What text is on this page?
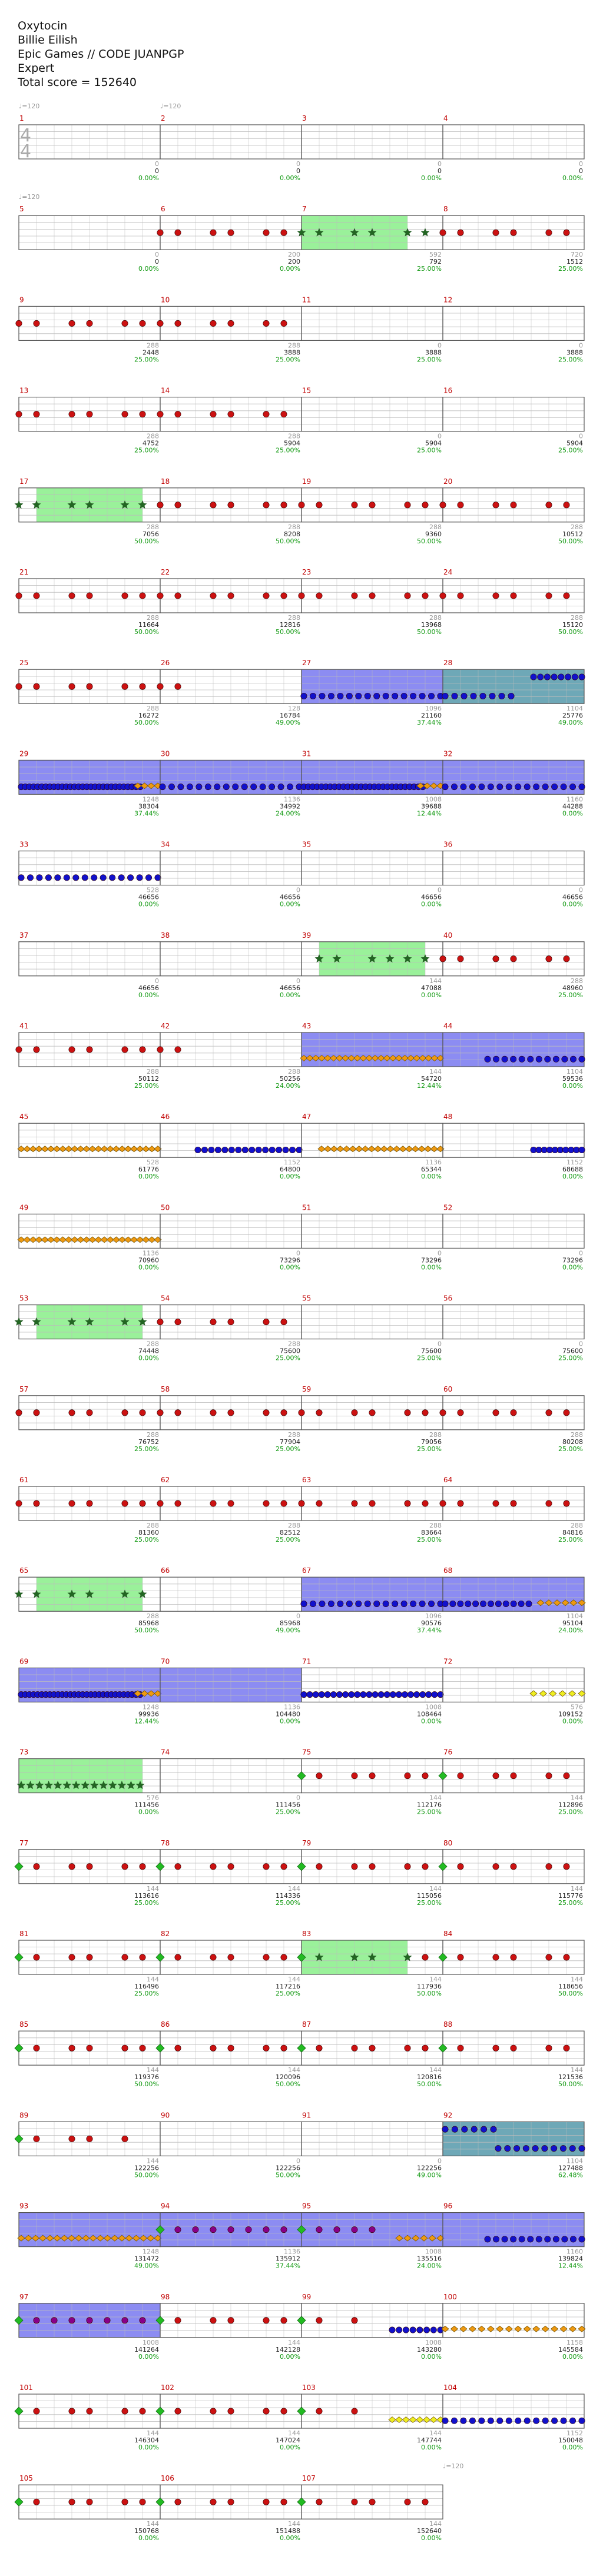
Oxytocin
Billie Eilish
Epic Games // CODE JUANPGP
Expert
Total score = 152640
1
0
0
0.00%
2
0
0
0.00%
3
0
0
0.00%
4
0
0
0.00%
5
0
0
0.00%
6
200
200
0.00%
7
592
792
25.00%
8
720
1512
25.00%
9
288
2448
25.00%
10
288
3888
25.00%
11
0
3888
25.00%
12
0
3888
25.00%
13
288
4752
25.00%
14
288
5904
25.00%
15
0
5904
25.00%
16
0
5904
25.00%
17
288
7056
50.00%
18
288
8208
50.00%
19
288
9360
50.00%
20
288
10512
50.00%
21
288
11664
50.00%
22
288
12816
50.00%
23
288
13968
50.00%
24
288
15120
50.00%
25
288
16272
50.00%
26
128
16784
49.00%
27
1096
21160
37.44%
28
1104
25776
49.00%
29
1248
38304
37.44%
30
1136
34992
24.00%
31
1008
39688
12.44%
32
1160
44288
0.00%
33
528
46656
0.00%
34
0
46656
0.00%
35
0
46656
0.00%
36
0
46656
0.00%
37
0
46656
0.00%
38
0
46656
0.00%
39
144
47088
0.00%
40
288
48960
25.00%
41
288
50112
25.00%
42
288
50256
24.00%
43
144
54720
12.44%
44
1104
59536
0.00%
45
528
61776
0.00%
46
1152
64800
0.00%
47
1136
65344
0.00%
48
1152
68688
0.00%
49
1136
70960
0.00%
50
0
73296
0.00%
51
0
73296
0.00%
52
0
73296
0.00%
53
288
74448
0.00%
54
288
75600
25.00%
55
0
75600
25.00%
56
0
75600
25.00%
57
288
76752
25.00%
58
288
77904
25.00%
59
288
79056
25.00%
60
288
80208
25.00%
61
288
81360
25.00%
62
288
82512
25.00%
63
288
83664
25.00%
64
288
84816
25.00%
65
288
85968
50.00%
66
0
85968
49.00%
67
1096
90576
37.44%
68
1104
95104
24.00%
69
1248
99936
12.44%
70
1136
104480
0.00%
71
1008
108464
0.00%
72
576
109152
0.00%
73
576
111456
0.00%
74
0
111456
25.00%
75
144
112176
25.00%
76
144
112896
25.00%
77
144
113616
25.00%
78
144
114336
25.00%
79
144
115056
25.00%
80
144
115776
25.00%
81
144
116496
25.00%
82
144
117216
25.00%
83
144
117936
50.00%
84
144
118656
50.00%
85
144
119376
50.00%
86
144
120096
50.00%
87
144
120816
50.00%
88
144
121536
50.00%
89
144
122256
50.00%
90
0
122256
50.00%
91
0
122256
49.00%
92
1104
127488
62.48%
93
1248
131472
49.00%
94
1136
135912
37.44%
95
1008
135516
24.00%
96
1160
139824
12.44%
97
1008
141264
0.00%
98
144
142128
0.00%
99
1008
143280
0.00%
100
1158
145584
0.00%
101
144
146304
0.00%
102
144
147024
0.00%
103
144
147744
0.00%
104
1152
150048
0.00%
105
144
150768
0.00%
106
144
151488
0.00%
107
144
152640
0.00%
4
4
♩=120	♩=120
♩=120
♩=120
